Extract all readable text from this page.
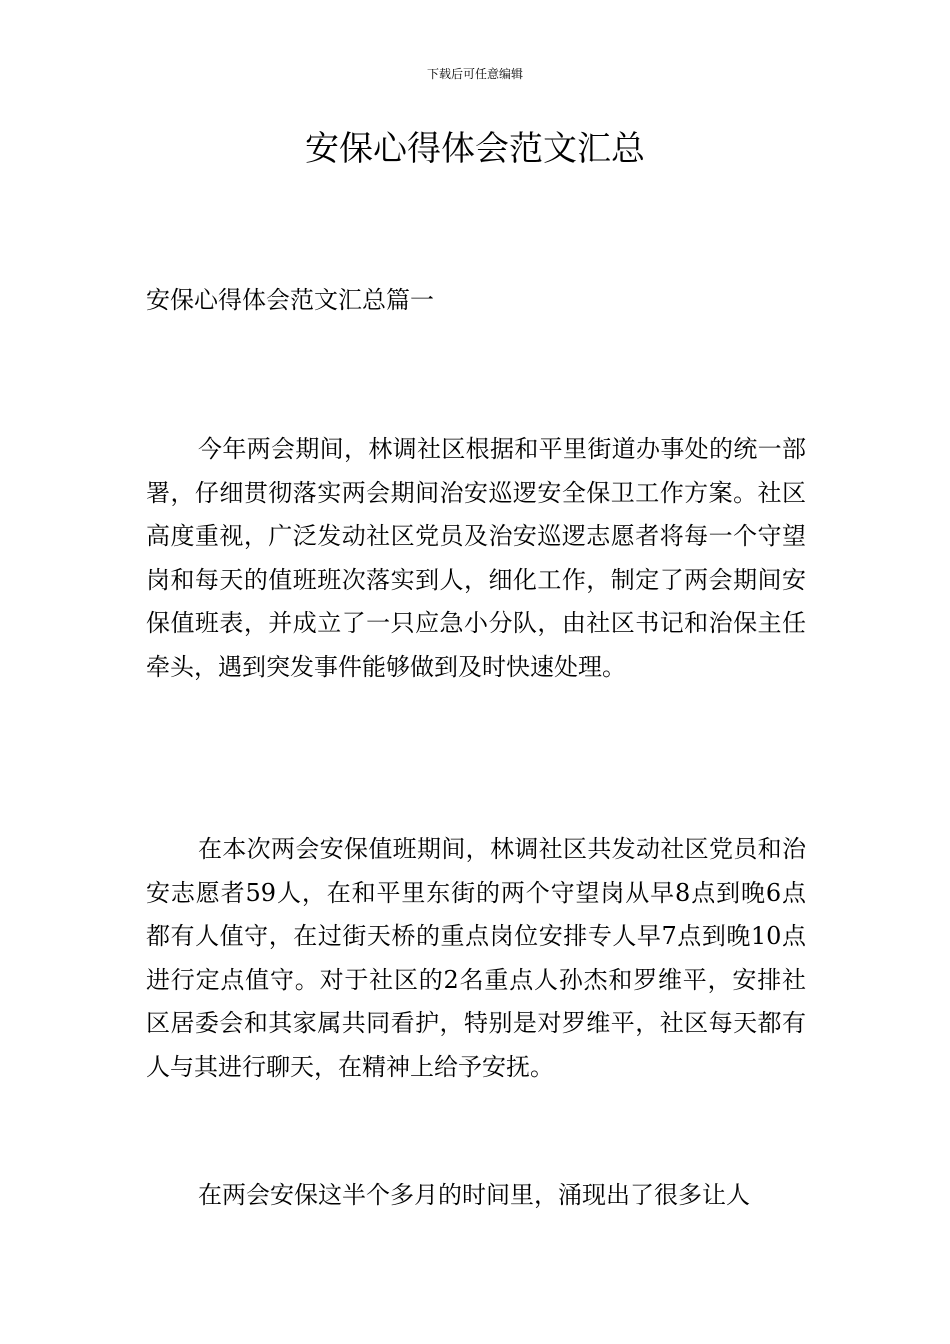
下载后可任意编辑
安保心得体会范文汇总
安保心得体会范文汇总篇一

今年两会期间，林调社区根据和平里街道办事处的统一部署，仔细贯彻落实两会期间治安巡逻安全保卫工作方案。社区高度重视，广泛发动社区党员及治安巡逻志愿者将每一个守望岗和每天的值班班次落实到人，细化工作，制定了两会期间安保值班表，并成立了一只应急小分队，由社区书记和治保主任牵头，遇到突发事件能够做到及时快速处理。

在本次两会安保值班期间，林调社区共发动社区党员和治安志愿者59人，在和平里东街的两个守望岗从早8点到晚6点都有人值守，在过街天桥的重点岗位安排专人早7点到晚10点进行定点值守。对于社区的2名重点人孙杰和罗维平，安排社区居委会和其家属共同看护，特别是对罗维平，社区每天都有人与其进行聊天，在精神上给予安抚。

在两会安保这半个多月的时间里，涌现出了很多让人
